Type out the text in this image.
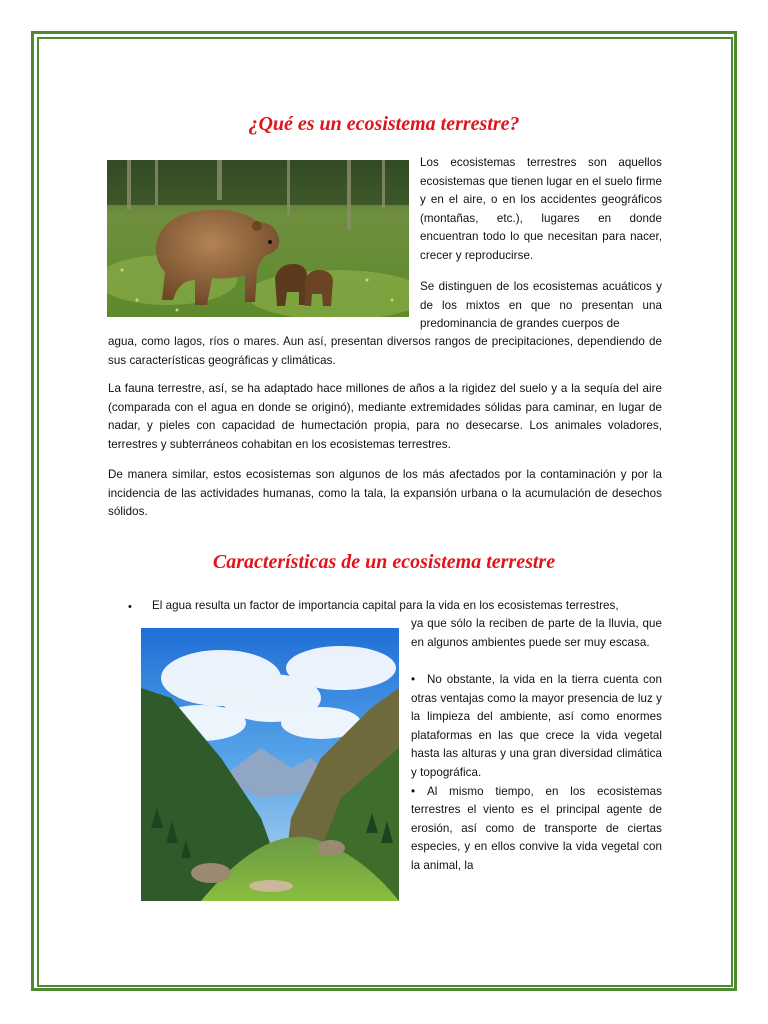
¿Qué es un ecosistema terrestre?

Los ecosistemas terrestres son aquellos ecosistemas que tienen lugar en el suelo firme y en el aire, o en los accidentes geográficos (montañas, etc.), lugares en donde encuentran todo lo que necesitan para nacer, crecer y reproducirse.

Se distinguen de los ecosistemas acuáticos y de los mixtos en que no presentan una predominancia de grandes cuerpos de

agua, como lagos, ríos o mares. Aun así, presentan diversos rangos de precipitaciones, dependiendo de sus características geográficas y climáticas.

La fauna terrestre, así, se ha adaptado hace millones de años a la rigidez del suelo y a la sequía del aire (comparada con el agua en donde se originó), mediante extremidades sólidas para caminar, en lugar de nadar, y pieles con capacidad de humectación propia, para no desecarse. Los animales voladores, terrestres y subterráneos cohabitan en los ecosistemas terrestres.

De manera similar, estos ecosistemas son algunos de los más afectados por la contaminación y por la incidencia de las actividades humanas, como la tala, la expansión urbana o la acumulación de desechos sólidos.

Características de un ecosistema terrestre
• El agua resulta un factor de importancia capital para la vida en los ecosistemas terrestres,

ya que sólo la reciben de parte de la lluvia, que en algunos ambientes puede ser muy escasa.

• No obstante, la vida en la tierra cuenta con otras ventajas como la mayor presencia de luz y la limpieza del ambiente, así como enormes plataformas en las que crece la vida vegetal hasta las alturas y una gran diversidad climática y topográfica.

• Al mismo tiempo, en los ecosistemas terrestres el viento es el principal agente de erosión, así como de transporte de ciertas especies, y en ellos convive la vida vegetal con la animal, la
